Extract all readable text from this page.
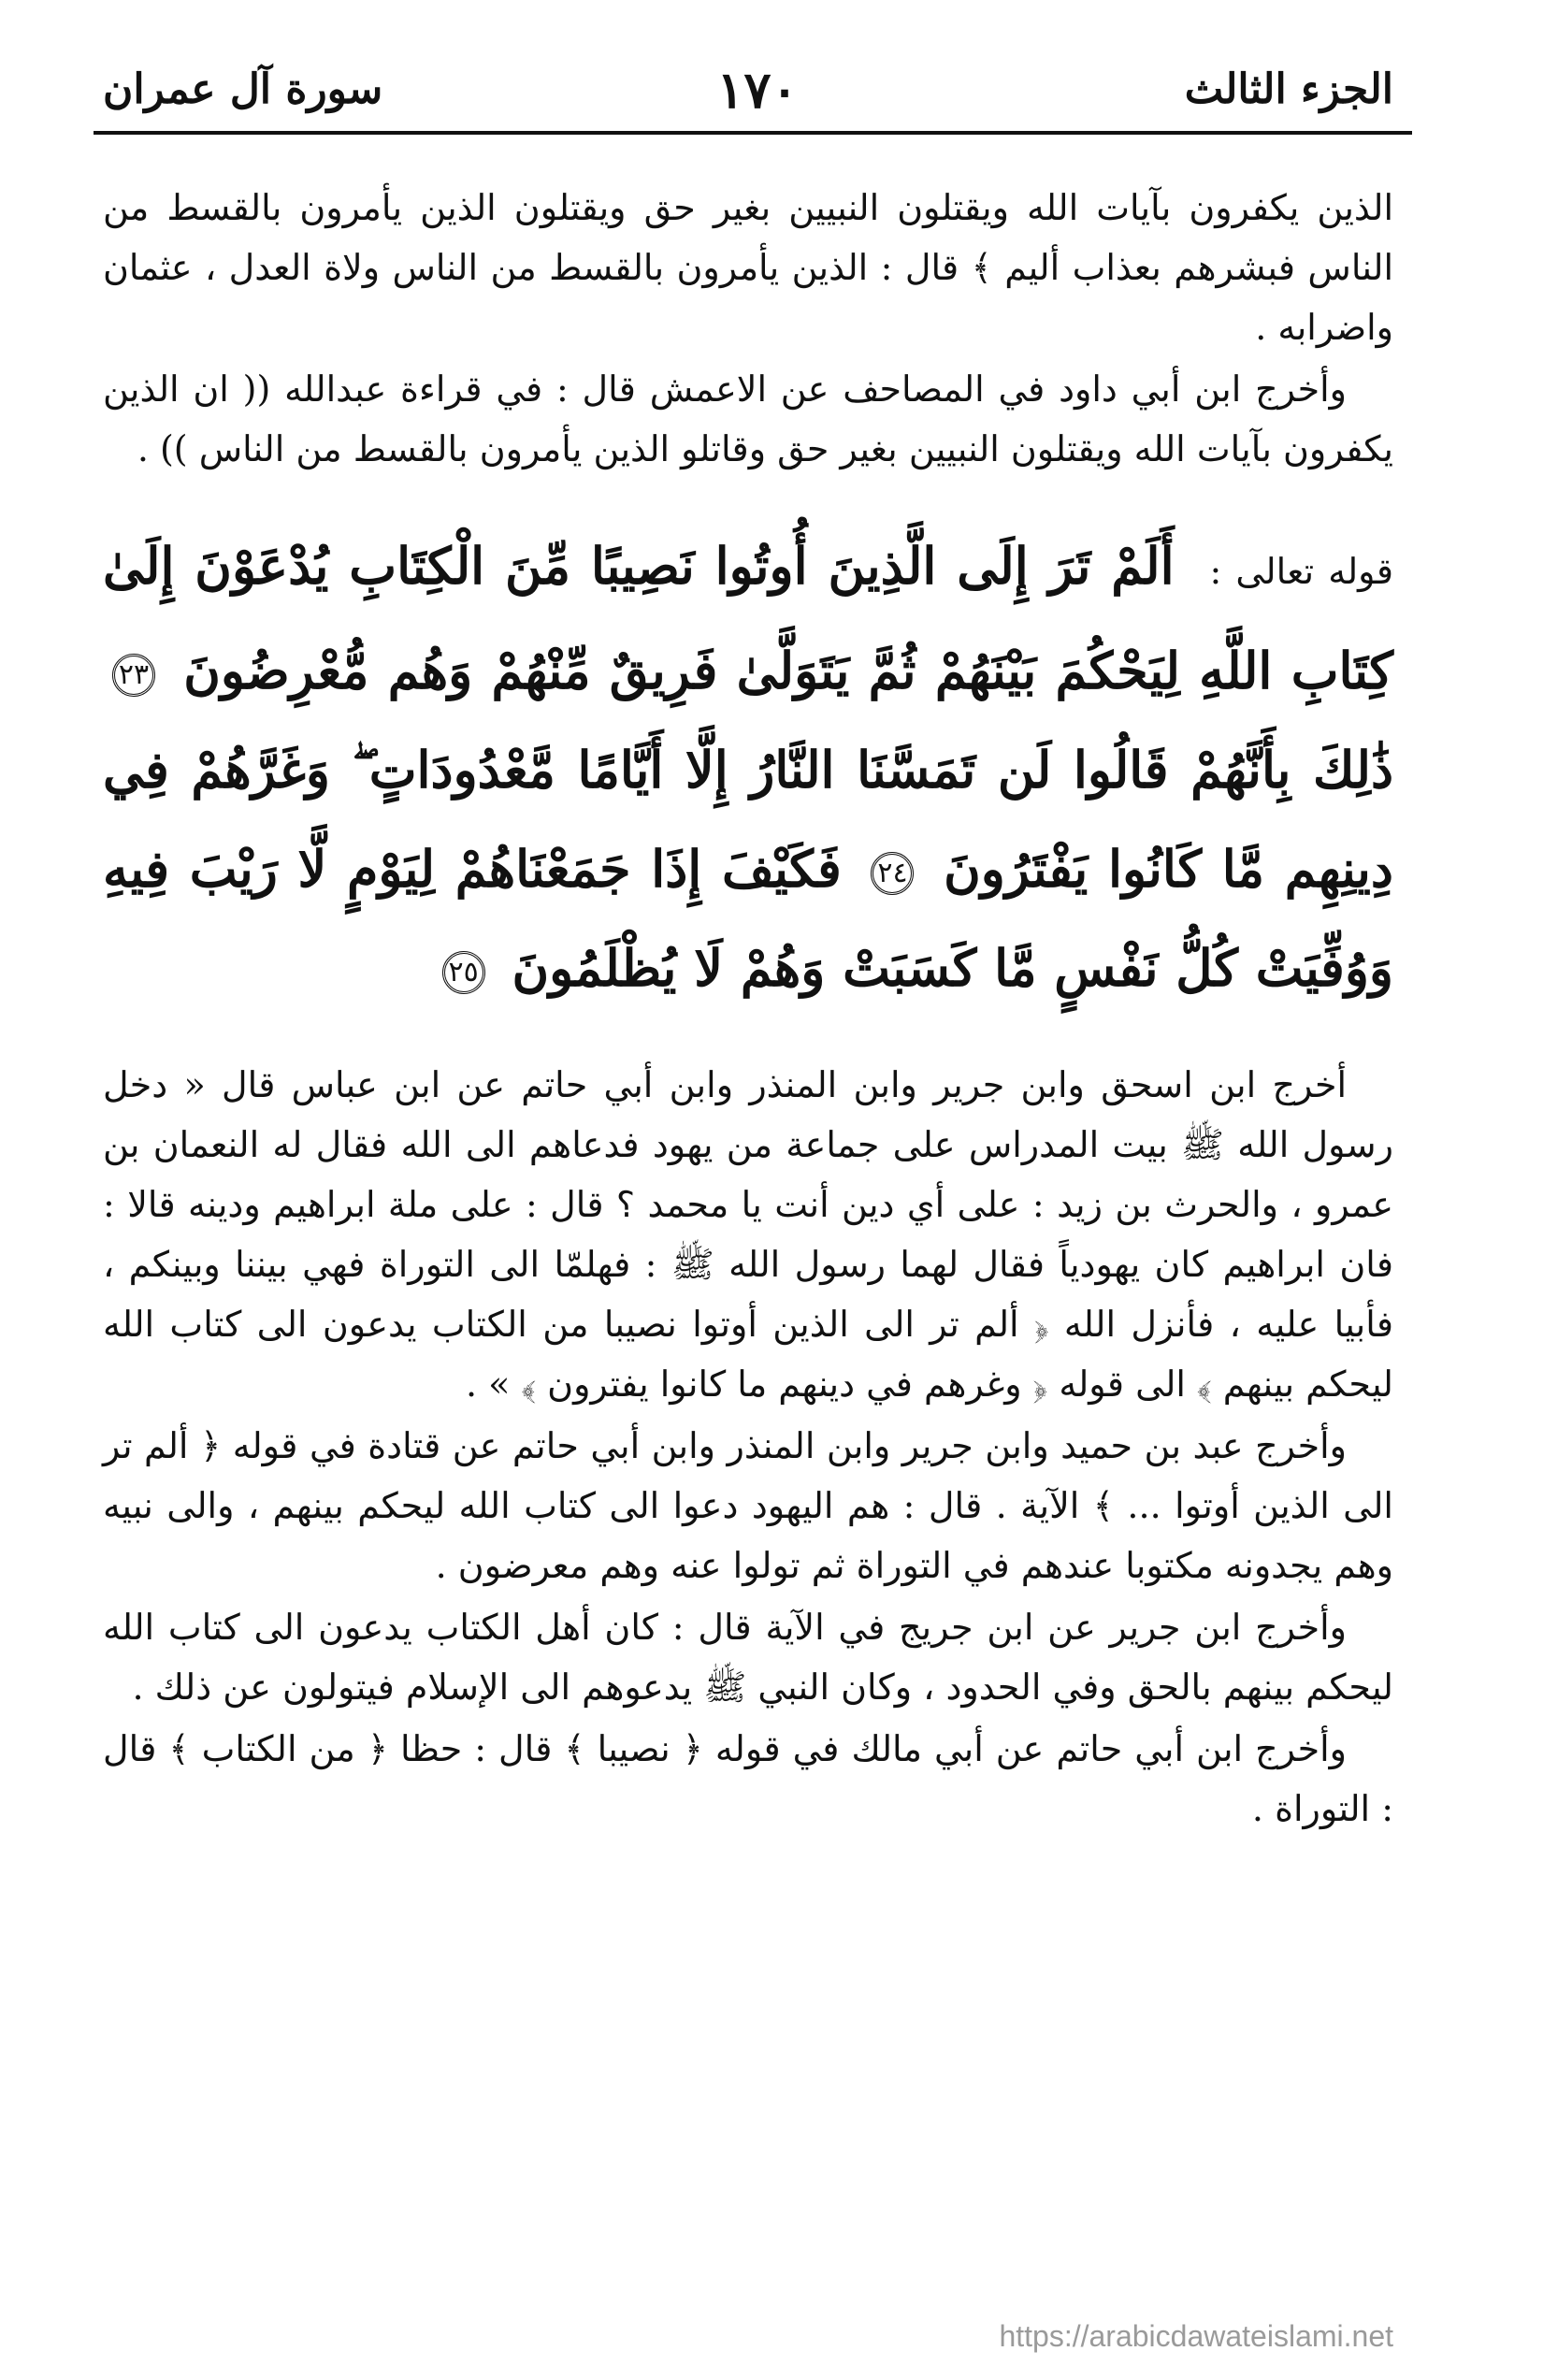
الجزء الثالث
١٧٠
سورة آل عمران

الذين يكفرون بآيات الله ويقتلون النبيين بغير حق ويقتلون الذين يأمرون بالقسط من الناس فبشرهم بعذاب أليم ﴾ قال : الذين يأمرون بالقسط من الناس ولاة العدل ، عثمان واضرابه .

وأخرج ابن أبي داود في المصاحف عن الاعمش قال : في قراءة عبدالله (( ان الذين يكفرون بآيات الله ويقتلون النبيين بغير حق وقاتلو الذين يأمرون بالقسط من الناس )) .

قوله تعالى : أَلَمْ تَرَ إِلَى الَّذِينَ أُوتُوا نَصِيبًا مِّنَ الْكِتَابِ يُدْعَوْنَ إِلَىٰ كِتَابِ اللَّهِ لِيَحْكُمَ بَيْنَهُمْ ثُمَّ يَتَوَلَّىٰ فَرِيقٌ مِّنْهُمْ وَهُم مُّعْرِضُونَ ٢٣ ذَٰلِكَ بِأَنَّهُمْ قَالُوا لَن تَمَسَّنَا النَّارُ إِلَّا أَيَّامًا مَّعْدُودَاتٍ ۖ وَغَرَّهُمْ فِي دِينِهِم مَّا كَانُوا يَفْتَرُونَ ٢٤ فَكَيْفَ إِذَا جَمَعْنَاهُمْ لِيَوْمٍ لَّا رَيْبَ فِيهِ وَوُفِّيَتْ كُلُّ نَفْسٍ مَّا كَسَبَتْ وَهُمْ لَا يُظْلَمُونَ ٢٥

أخرج ابن اسحق وابن جرير وابن المنذر وابن أبي حاتم عن ابن عباس قال « دخل رسول الله ﷺ بيت المدراس على جماعة من يهود فدعاهم الى الله فقال له النعمان بن عمرو ، والحرث بن زيد : على أي دين أنت يا محمد ؟ قال : على ملة ابراهيم ودينه قالا : فان ابراهيم كان يهودياً فقال لهما رسول الله ﷺ : فهلمّا الى التوراة فهي بيننا وبينكم ، فأبيا عليه ، فأنزل الله ﴿ ألم تر الى الذين أوتوا نصيبا من الكتاب يدعون الى كتاب الله ليحكم بينهم ﴾ الى قوله ﴿ وغرهم في دينهم ما كانوا يفترون ﴾ » .

وأخرج عبد بن حميد وابن جرير وابن المنذر وابن أبي حاتم عن قتادة في قوله ﴿ ألم تر الى الذين أوتوا ... ﴾ الآية . قال : هم اليهود دعوا الى كتاب الله ليحكم بينهم ، والى نبيه وهم يجدونه مكتوبا عندهم في التوراة ثم تولوا عنه وهم معرضون .

وأخرج ابن جرير عن ابن جريج في الآية قال : كان أهل الكتاب يدعون الى كتاب الله ليحكم بينهم بالحق وفي الحدود ، وكان النبي ﷺ يدعوهم الى الإسلام فيتولون عن ذلك .

وأخرج ابن أبي حاتم عن أبي مالك في قوله ﴿ نصيبا ﴾ قال : حظا ﴿ من الكتاب ﴾ قال : التوراة .

https://arabicdawateislami.net
